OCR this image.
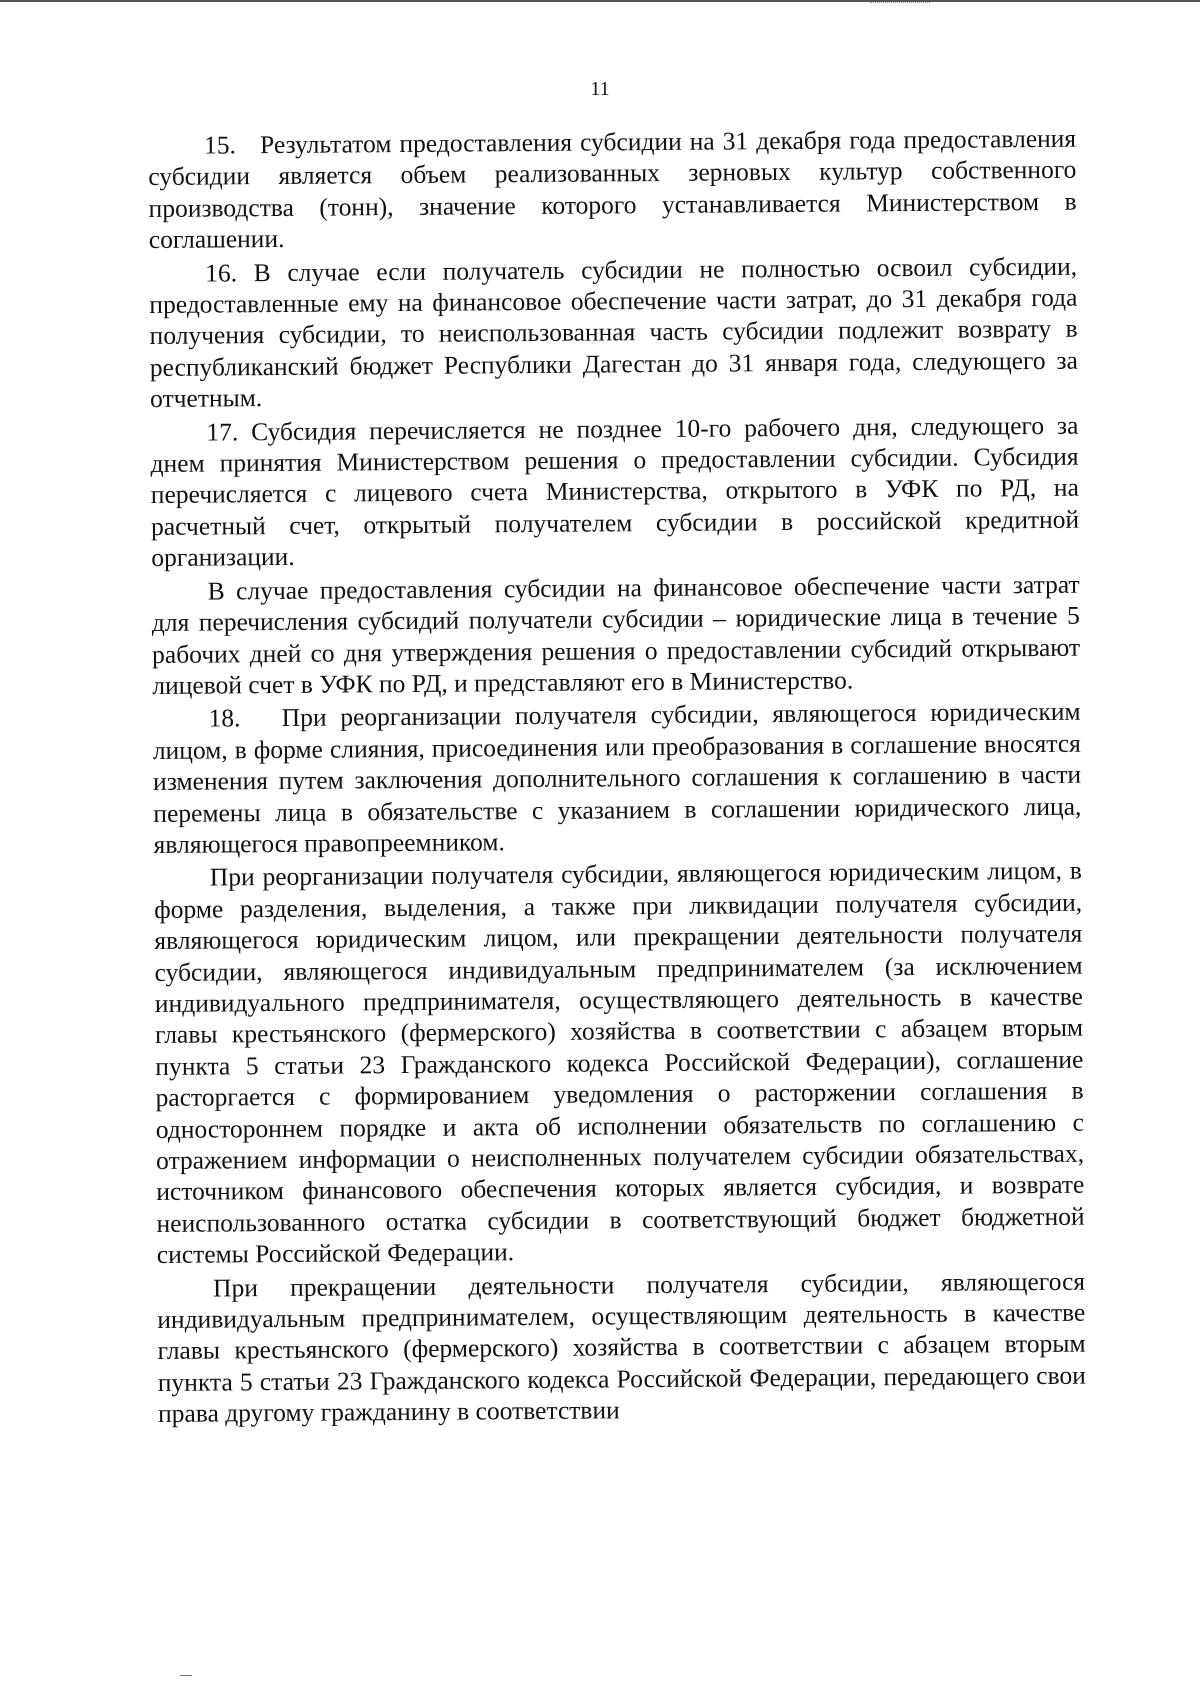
11

15.   Результатом предоставления субсидии на 31 декабря года предоставления субсидии является объем реализованных зерновых культур собственного производства (тонн), значение которого устанавливается Министерством в соглашении.

16. В случае если получатель субсидии не полностью освоил субсидии, предоставленные ему на финансовое обеспечение части затрат, до 31 декабря года получения субсидии, то неиспользованная часть субсидии подлежит возврату в республиканский бюджет Республики Дагестан до 31 января года, следующего за отчетным.

17. Субсидия перечисляется не позднее 10-го рабочего дня, следующего за днем принятия Министерством решения о предоставлении субсидии. Субсидия перечисляется с лицевого счета Министерства, открытого в УФК по РД, на расчетный счет, открытый получателем субсидии в российской кредитной организации.

В случае предоставления субсидии на финансовое обеспечение части затрат для перечисления субсидий получатели субсидии – юридические лица в течение 5 рабочих дней со дня утверждения решения о предоставлении субсидий открывают лицевой счет в УФК по РД, и представляют его в Министерство.

18.   При реорганизации получателя субсидии, являющегося юридическим лицом, в форме слияния, присоединения или преобразования в соглашение вносятся изменения путем заключения дополнительного соглашения к соглашению в части перемены лица в обязательстве с указанием в соглашении юридического лица, являющегося правопреемником.

При реорганизации получателя субсидии, являющегося юридическим лицом, в форме разделения, выделения, а также при ликвидации получателя субсидии, являющегося юридическим лицом, или прекращении деятельности получателя субсидии, являющегося индивидуальным предпринимателем (за исключением индивидуального предпринимателя, осуществляющего деятельность в качестве главы крестьянского (фермерского) хозяйства в соответствии с абзацем вторым пункта 5 статьи 23 Гражданского кодекса Российской Федерации), соглашение расторгается с формированием уведомления о расторжении соглашения в одностороннем порядке и акта об исполнении обязательств по соглашению с отражением информации о неисполненных получателем субсидии обязательствах, источником финансового обеспечения которых является субсидия, и возврате неиспользованного остатка субсидии в соответствующий бюджет бюджетной системы Российской Федерации.

При прекращении деятельности получателя субсидии, являющегося индивидуальным предпринимателем, осуществляющим деятельность в качестве главы крестьянского (фермерского) хозяйства в соответствии с абзацем вторым пункта 5 статьи 23 Гражданского кодекса Российской Федерации, передающего свои права другому гражданину в соответствии
